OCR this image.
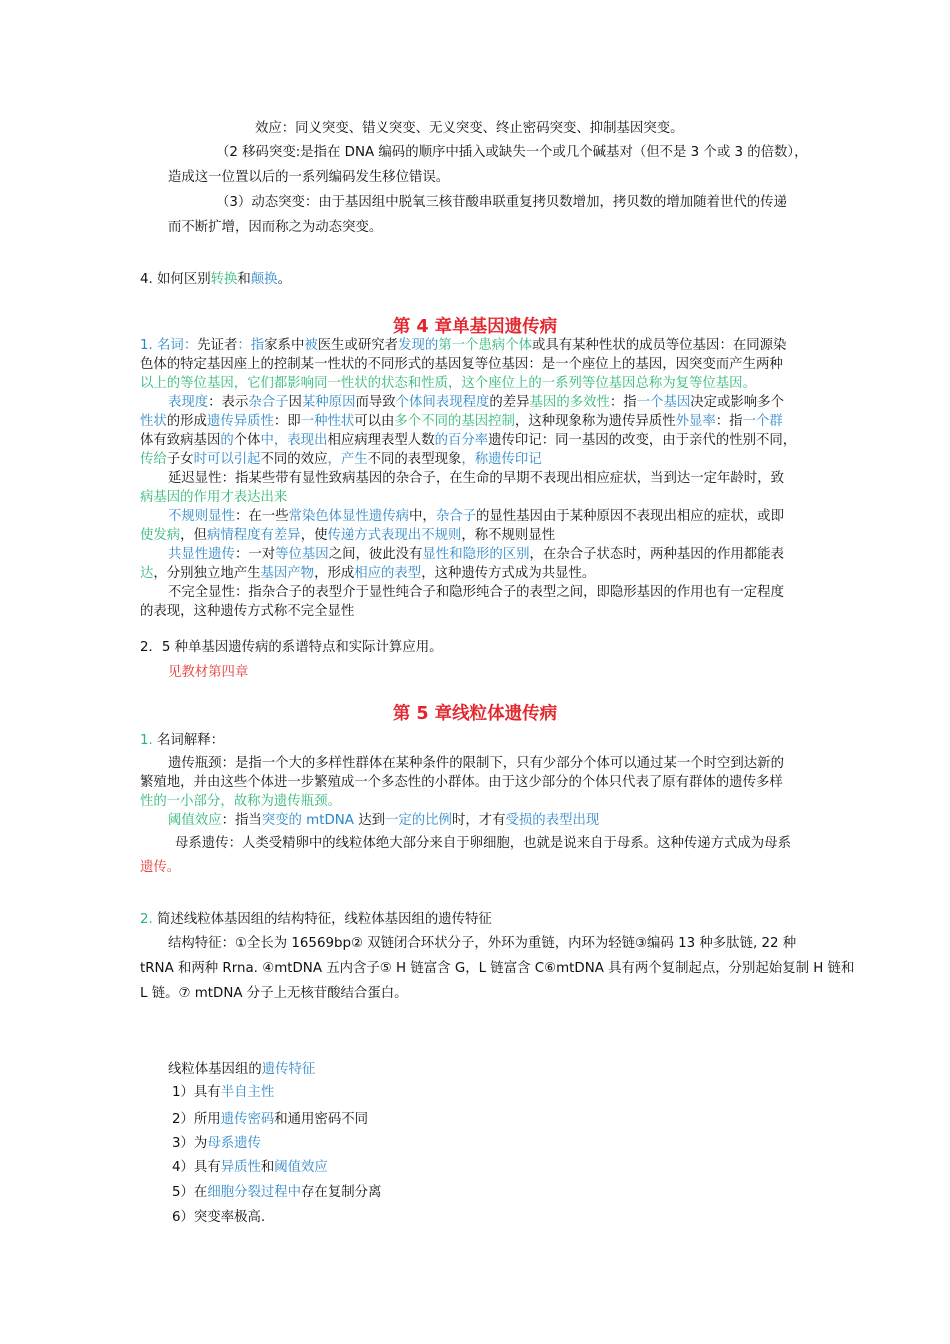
效应：同义突变、错义突变、无义突变、终止密码突变、抑制基因突变。
（2 移码突变:是指在 DNA 编码的顺序中插入或缺失一个或几个碱基对（但不是 3 个或 3 的倍数），
造成这一位置以后的一系列编码发生移位错误。
（3）动态突变：由于基因组中脱氧三核苷酸串联重复拷贝数增加，拷贝数的增加随着世代的传递
而不断扩增，因而称之为动态突变。
4. 如何区别转换和颠换。
1. 名词：先证者：指家系中被医生或研究者发现的第一个患病个体或具有某种性状的成员等位基因：在同源染
色体的特定基因座上的控制某一性状的不同形式的基因复等位基因：是一个座位上的基因，因突变而产生两种
以上的等位基因，它们都影响同一性状的状态和性质，这个座位上的一系列等位基因总称为复等位基因。
表现度：表示杂合子因某种原因而导致个体间表现程度的差异基因的多效性：指一个基因决定或影响多个
性状的形成遗传异质性：即一种性状可以由多个不同的基因控制，这种现象称为遗传异质性外显率：指一个群
体有致病基因的个体中，表现出相应病理表型人数的百分率遗传印记：同一基因的改变，由于亲代的性别不同，
传给子女时可以引起不同的效应，产生不同的表型现象，称遗传印记
延迟显性：指某些带有显性致病基因的杂合子，在生命的早期不表现出相应症状，当到达一定年龄时，致
病基因的作用才表达出来
不规则显性：在一些常染色体显性遗传病中，杂合子的显性基因由于某种原因不表现出相应的症状，或即
使发病，但病情程度有差异，使传递方式表现出不规则，称不规则显性
共显性遗传：一对等位基因之间，彼此没有显性和隐形的区别，在杂合子状态时，两种基因的作用都能表
达，分别独立地产生基因产物，形成相应的表型，这种遗传方式成为共显性。
不完全显性：指杂合子的表型介于显性纯合子和隐形纯合子的表型之间，即隐形基因的作用也有一定程度
的表现，这种遗传方式称不完全显性
2．5 种单基因遗传病的系谱特点和实际计算应用。
见教材第四章
1. 名词解释：
遗传瓶颈：是指一个大的多样性群体在某种条件的限制下，只有少部分个体可以通过某一个时空到达新的
繁殖地，并由这些个体进一步繁殖成一个多态性的小群体。由于这少部分的个体只代表了原有群体的遗传多样
性的一小部分，故称为遗传瓶颈。
阈值效应：指当突变的 mtDNA 达到一定的比例时，才有受损的表型出现
母系遗传：人类受精卵中的线粒体绝大部分来自于卵细胞，也就是说来自于母系。这种传递方式成为母系
遗传。
2. 简述线粒体基因组的结构特征，线粒体基因组的遗传特征
结构特征：①全长为 16569bp② 双链闭合环状分子，外环为重链，内环为轻链③编码 13 种多肽链, 22 种
tRNA 和两种 Rrna. ④mtDNA 五内含子⑤ H 链富含 G，L 链富含 C⑥mtDNA 具有两个复制起点，分别起始复制 H 链和
L 链。⑦ mtDNA 分子上无核苷酸结合蛋白。
线粒体基因组的遗传特征
1）具有半自主性
2）所用遗传密码和通用密码不同
3）为母系遗传
4）具有异质性和阈值效应
5）在细胞分裂过程中存在复制分离
6）突变率极高.
第 4 章单基因遗传病
第 5 章线粒体遗传病
